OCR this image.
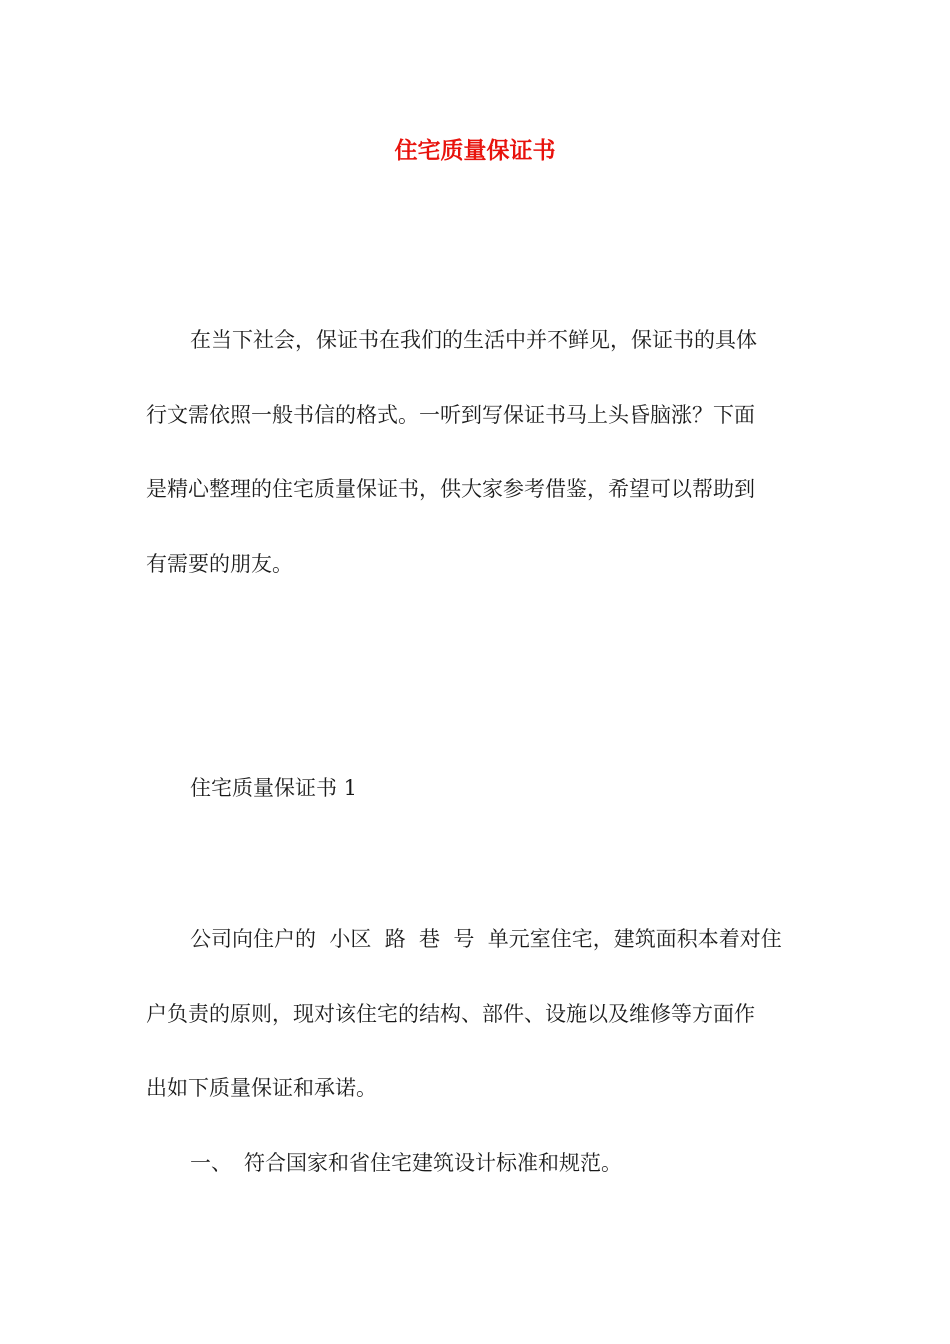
住宅质量保证书

在当下社会，保证书在我们的生活中并不鲜见，保证书的具体
行文需依照一般书信的格式。一听到写保证书马上头昏脑涨？下面
是精心整理的住宅质量保证书，供大家参考借鉴，希望可以帮助到
有需要的朋友。

住宅质量保证书 1

公司向住户的  小区  路  巷  号  单元室住宅，建筑面积本着对住
户负责的原则，现对该住宅的结构、部件、设施以及维修等方面作
出如下质量保证和承诺。

一、 符合国家和省住宅建筑设计标准和规范。
